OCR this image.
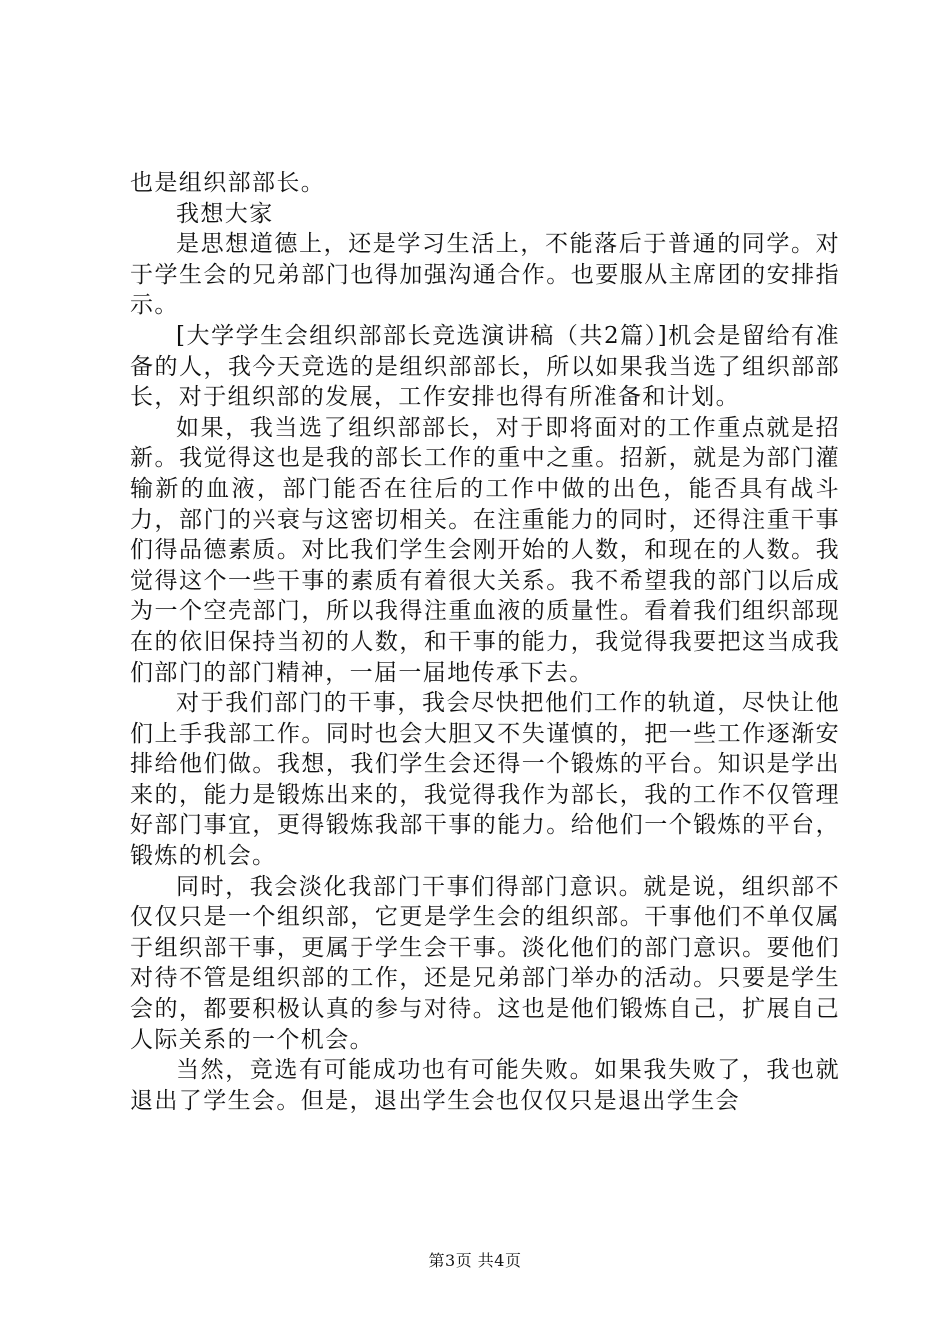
也是组织部部长。

我想大家

是思想道德上，还是学习生活上，不能落后于普通的同学。对于学生会的兄弟部门也得加强沟通合作。也要服从主席团的安排指示。

[大学学生会组织部部长竞选演讲稿（共2篇）]机会是留给有准备的人，我今天竞选的是组织部部长，所以如果我当选了组织部部长，对于组织部的发展，工作安排也得有所准备和计划。

如果，我当选了组织部部长，对于即将面对的工作重点就是招新。我觉得这也是我的部长工作的重中之重。招新，就是为部门灌输新的血液，部门能否在往后的工作中做的出色，能否具有战斗力，部门的兴衰与这密切相关。在注重能力的同时，还得注重干事们得品德素质。对比我们学生会刚开始的人数，和现在的人数。我觉得这个一些干事的素质有着很大关系。我不希望我的部门以后成为一个空壳部门，所以我得注重血液的质量性。看着我们组织部现在的依旧保持当初的人数，和干事的能力，我觉得我要把这当成我们部门的部门精神，一届一届地传承下去。

对于我们部门的干事，我会尽快把他们工作的轨道，尽快让他们上手我部工作。同时也会大胆又不失谨慎的，把一些工作逐渐安排给他们做。我想，我们学生会还得一个锻炼的平台。知识是学出来的，能力是锻炼出来的，我觉得我作为部长，我的工作不仅管理好部门事宜，更得锻炼我部干事的能力。给他们一个锻炼的平台，锻炼的机会。

同时，我会淡化我部门干事们得部门意识。就是说，组织部不仅仅只是一个组织部，它更是学生会的组织部。干事他们不单仅属于组织部干事，更属于学生会干事。淡化他们的部门意识。要他们对待不管是组织部的工作，还是兄弟部门举办的活动。只要是学生会的，都要积极认真的参与对待。这也是他们锻炼自己，扩展自己人际关系的一个机会。

当然，竞选有可能成功也有可能失败。如果我失败了，我也就退出了学生会。但是，退出学生会也仅仅只是退出学生会

第3页 共4页
